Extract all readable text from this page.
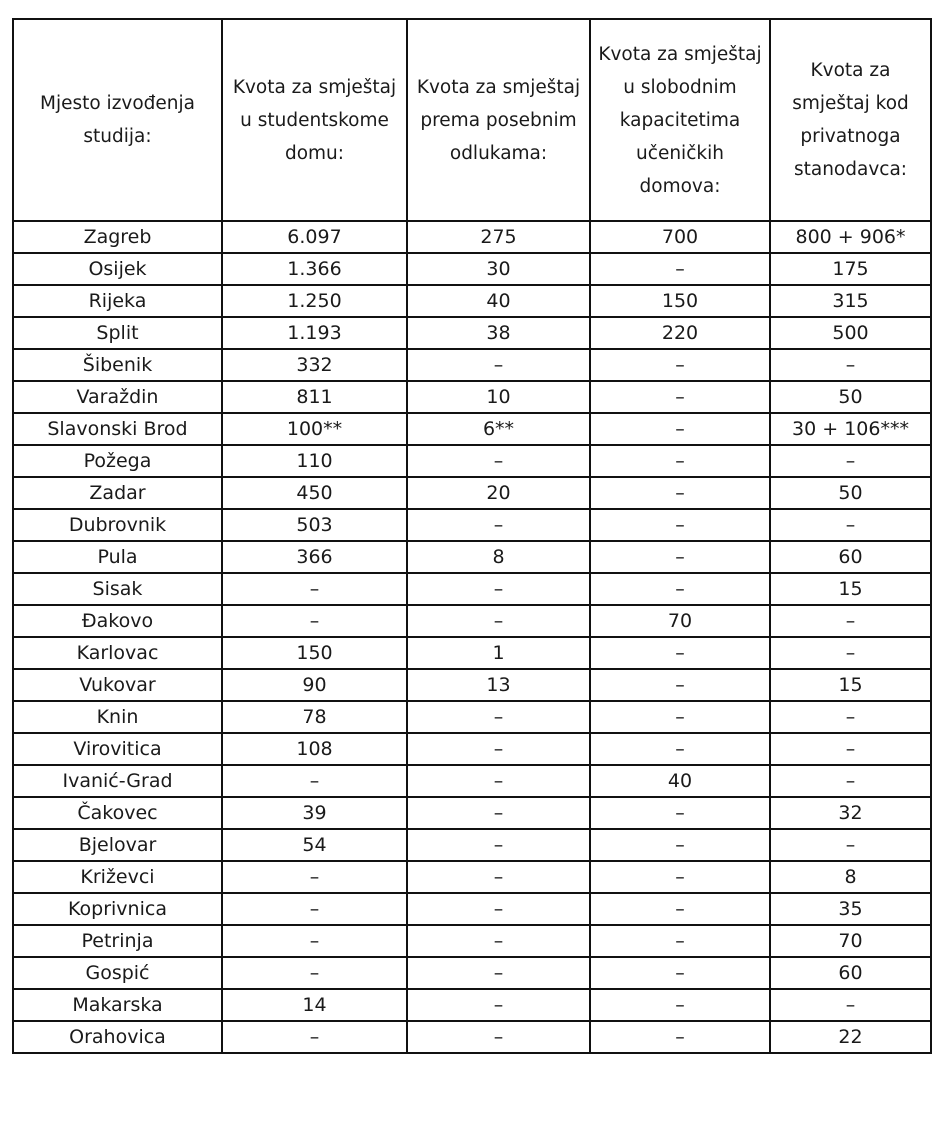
Mjesto izvođenja studija:	Kvota za smještaj u studentskome domu:	Kvota za smještaj prema posebnim odlukama:	Kvota za smještaj u slobodnim kapacitetima učeničkih domova:	Kvota za smještaj kod privatnoga stanodavca:
Zagreb	6.097	275	700	800 + 906*
Osijek	1.366	30	–	175
Rijeka	1.250	40	150	315
Split	1.193	38	220	500
Šibenik	332	–	–	–
Varaždin	811	10	–	50
Slavonski Brod	100**	6**	–	30 + 106***
Požega	110	–	–	–
Zadar	450	20	–	50
Dubrovnik	503	–	–	–
Pula	366	8	–	60
Sisak	–	–	–	15
Đakovo	–	–	70	–
Karlovac	150	1	–	–
Vukovar	90	13	–	15
Knin	78	–	–	–
Virovitica	108	–	–	–
Ivanić-Grad	–	–	40	–
Čakovec	39	–	–	32
Bjelovar	54	–	–	–
Križevci	–	–	–	8
Koprivnica	–	–	–	35
Petrinja	–	–	–	70
Gospić	–	–	–	60
Makarska	14	–	–	–
Orahovica	–	–	–	22
